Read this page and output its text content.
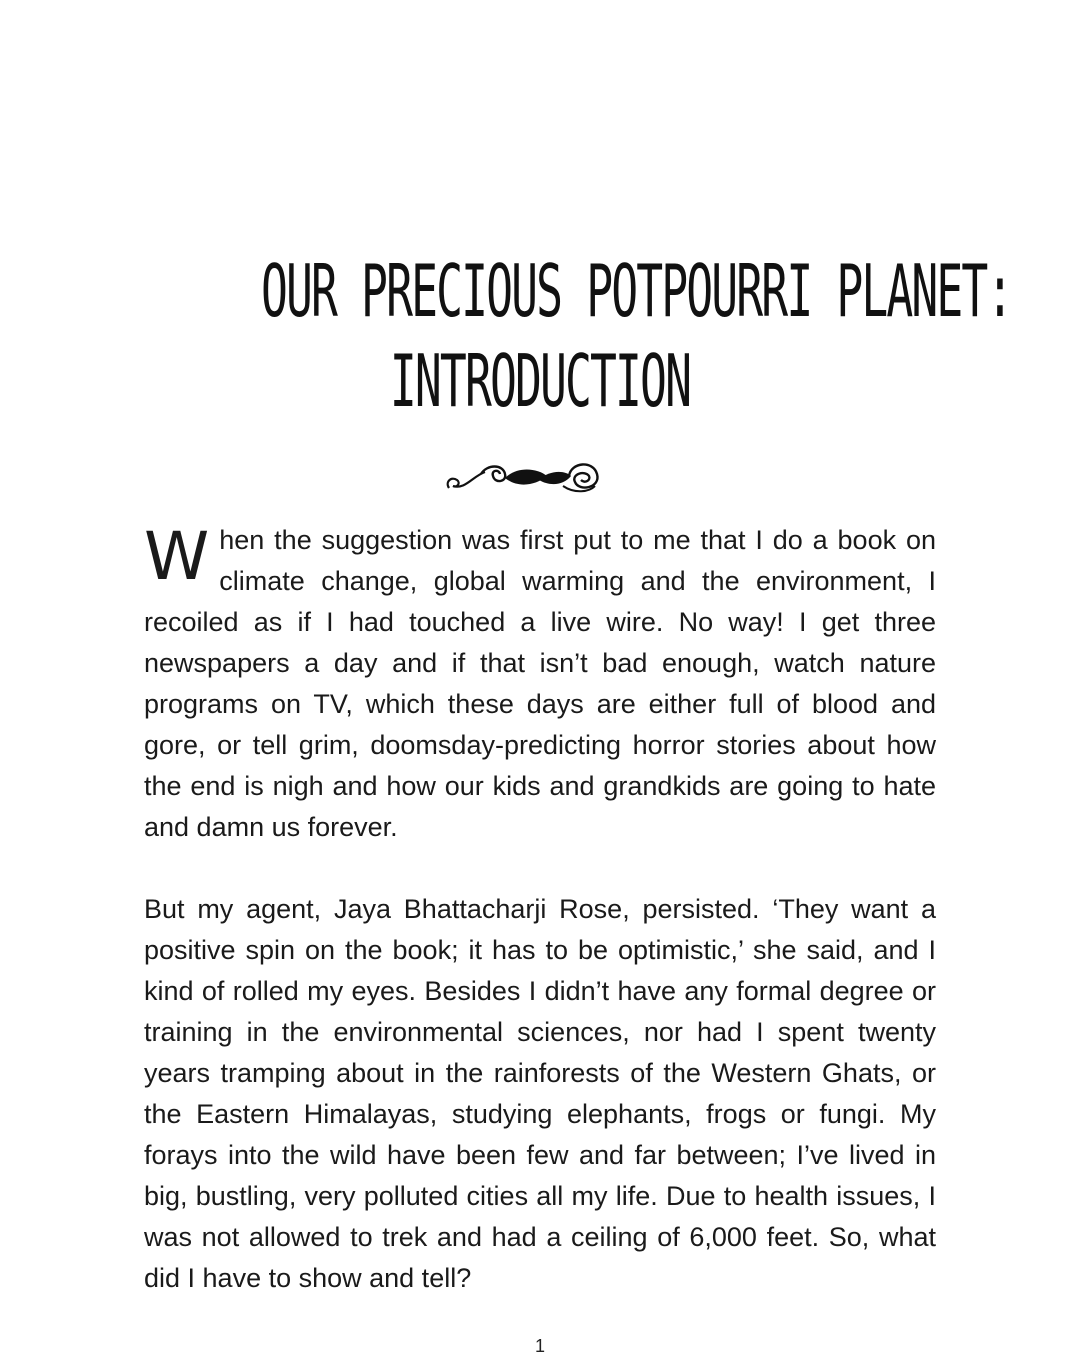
OUR PRECIOUS POTPOURRI PLANET:
INTRODUCTION

When the suggestion was first put to me that I do a book on climate change, global warming and the environment, I recoiled as if I had touched a live wire. No way! I get three newspapers a day and if that isn’t bad enough, watch nature programs on TV, which these days are either full of blood and gore, or tell grim, doomsday-predicting horror stories about how the end is nigh and how our kids and grandkids are going to hate and damn us forever.

But my agent, Jaya Bhattacharji Rose, persisted. ‘They want a positive spin on the book; it has to be optimistic,’ she said, and I kind of rolled my eyes. Besides I didn’t have any formal degree or training in the environmental sciences, nor had I spent twenty years tramping about in the rainforests of the Western Ghats, or the Eastern Himalayas, studying elephants, frogs or fungi. My forays into the wild have been few and far between; I’ve lived in big, bustling, very polluted cities all my life. Due to health issues, I was not allowed to trek and had a ceiling of 6,000 feet. So, what did I have to show and tell?

1
